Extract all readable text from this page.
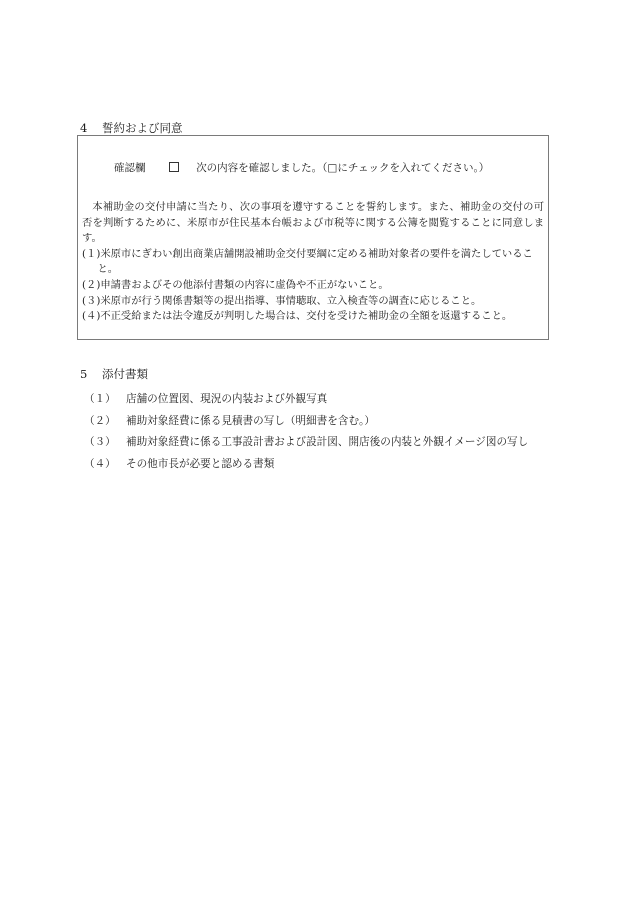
4 誓約および同意
確認欄	次の内容を確認しました。（□にチェックを入れてください。）

本補助金の交付申請に当たり、次の事項を遵守することを誓約します。また、補助金の交付の可否を判断するために、米原市が住民基本台帳および市税等に関する公簿を閲覧することに同意します。

(１)米原市にぎわい創出商業店舗開設補助金交付要綱に定める補助対象者の要件を満たしていること。
(２)申請書およびその他添付書類の内容に虚偽や不正がないこと。
(３)米原市が行う関係書類等の提出指導、事情聴取、立入検査等の調査に応じること。
(４)不正受給または法令違反が判明した場合は、交付を受けた補助金の全額を返還すること。
5 添付書類
（１） 店舗の位置図、現況の内装および外観写真
（２） 補助対象経費に係る見積書の写し（明細書を含む。）
（３） 補助対象経費に係る工事設計書および設計図、開店後の内装と外観イメージ図の写し
（４） その他市長が必要と認める書類
